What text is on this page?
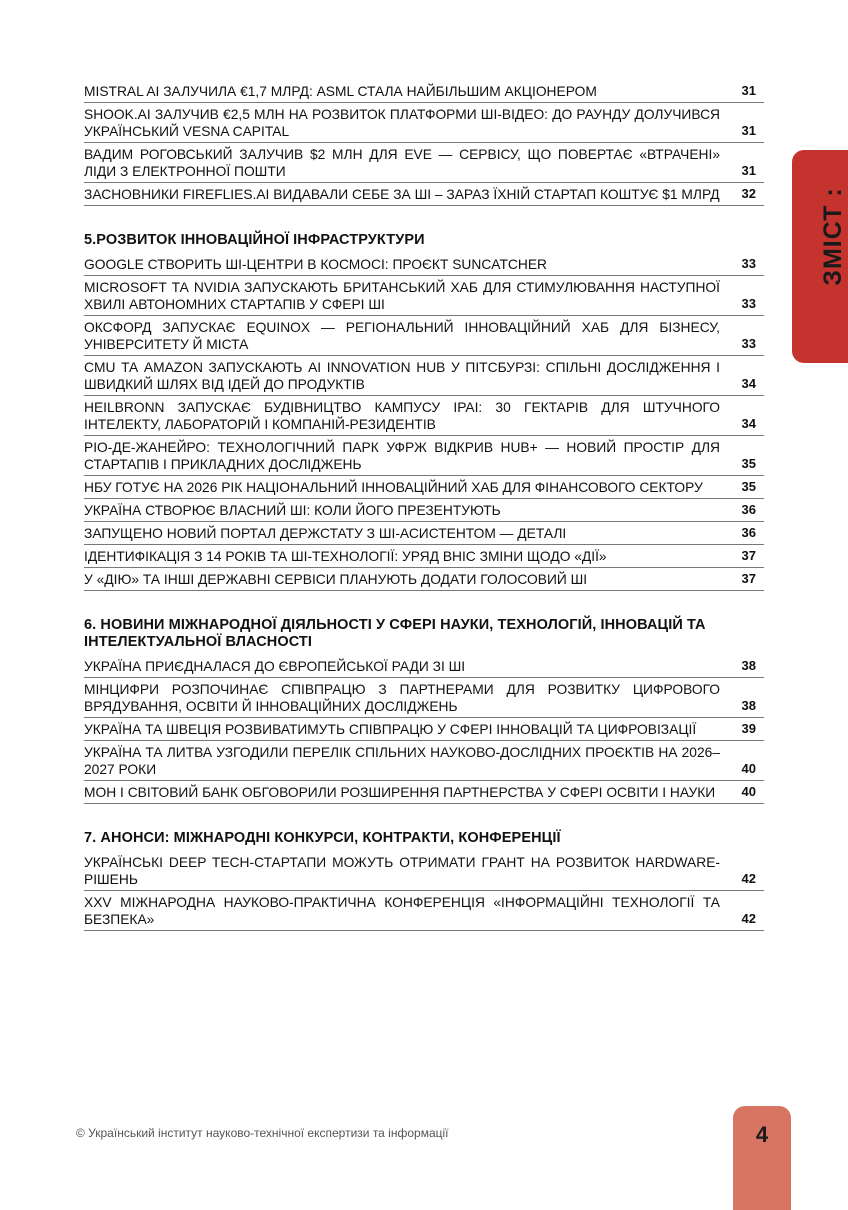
MISTRAL AI ЗАЛУЧИЛА €1,7 МЛРД: ASML СТАЛА НАЙБІЛЬШИМ АКЦІОНЕРОМ	31
SHOOK.AI ЗАЛУЧИВ €2,5 МЛН НА РОЗВИТОК ПЛАТФОРМИ ШІ-ВІДЕО: ДО РАУНДУ ДОЛУЧИВСЯ УКРАЇНСЬКИЙ VESNA CAPITAL	31
ВАДИМ РОГОВСЬКИЙ ЗАЛУЧИВ $2 МЛН ДЛЯ EVE — СЕРВІСУ, ЩО ПОВЕРТАЄ «ВТРАЧЕНІ» ЛІДИ З ЕЛЕКТРОННОЇ ПОШТИ	31
ЗАСНОВНИКИ FIREFLIES.AI ВИДАВАЛИ СЕБЕ ЗА ШІ – ЗАРАЗ ЇХНІЙ СТАРТАП КОШТУЄ $1 МЛРД 32
5.РОЗВИТОК ІННОВАЦІЙНОЇ ІНФРАСТРУКТУРИ
GOOGLE СТВОРИТЬ ШІ-ЦЕНТРИ В КОСМОСІ: ПРОЄКТ SUNCATCHER	33
MICROSOFT ТА NVIDIA ЗАПУСКАЮТЬ БРИТАНСЬКИЙ ХАБ ДЛЯ СТИМУЛЮВАННЯ НАСТУПНОЇ ХВИЛІ АВТОНОМНИХ СТАРТАПІВ У СФЕРІ ШІ	33
ОКСФОРД ЗАПУСКАЄ EQUINOX — РЕГІОНАЛЬНИЙ ІННОВАЦІЙНИЙ ХАБ ДЛЯ БІЗНЕСУ, УНІВЕРСИТЕТУ Й МІСТА	33
CMU ТА AMAZON ЗАПУСКАЮТЬ AI INNOVATION HUB У ПІТСБУРЗІ: СПІЛЬНІ ДОСЛІДЖЕННЯ І ШВИДКИЙ ШЛЯХ ВІД ІДЕЙ ДО ПРОДУКТІВ	34
HEILBRONN ЗАПУСКАЄ БУДІВНИЦТВО КАМПУСУ IPAI: 30 ГЕКТАРІВ ДЛЯ ШТУЧНОГО ІНТЕЛЕКТУ, ЛАБОРАТОРІЙ І КОМПАНІЙ-РЕЗИДЕНТІВ	34
РІО-ДЕ-ЖАНЕЙРО: ТЕХНОЛОГІЧНИЙ ПАРК УФРЖ ВІДКРИВ HUB+ — НОВИЙ ПРОСТІР ДЛЯ СТАРТАПІВ І ПРИКЛАДНИХ ДОСЛІДЖЕНЬ	35
НБУ ГОТУЄ НА 2026 РІК НАЦІОНАЛЬНИЙ ІННОВАЦІЙНИЙ ХАБ ДЛЯ ФІНАНСОВОГО СЕКТОРУ	35
УКРАЇНА СТВОРЮЄ ВЛАСНИЙ ШІ: КОЛИ ЙОГО ПРЕЗЕНТУЮТЬ	36
ЗАПУЩЕНО НОВИЙ ПОРТАЛ ДЕРЖСТАТУ З ШІ-АСИСТЕНТОМ — ДЕТАЛІ	36
ІДЕНТИФІКАЦІЯ З 14 РОКІВ ТА ШІ-ТЕХНОЛОГІЇ: УРЯД ВНІС ЗМІНИ ЩОДО «ДІЇ»	37
У «ДІЮ» ТА ІНШІ ДЕРЖАВНІ СЕРВІСИ ПЛАНУЮТЬ ДОДАТИ ГОЛОСОВИЙ ШІ	37
6. НОВИНИ МІЖНАРОДНОЇ ДІЯЛЬНОСТІ У СФЕРІ НАУКИ, ТЕХНОЛОГІЙ, ІННОВАЦІЙ ТА ІНТЕЛЕКТУАЛЬНОЇ ВЛАСНОСТІ
УКРАЇНА ПРИЄДНАЛАСЯ ДО ЄВРОПЕЙСЬКОЇ РАДИ ЗІ ШІ	38
МІНЦИФРИ РОЗПОЧИНАЄ СПІВПРАЦЮ З ПАРТНЕРАМИ ДЛЯ РОЗВИТКУ ЦИФРОВОГО ВРЯДУВАННЯ, ОСВІТИ Й ІННОВАЦІЙНИХ ДОСЛІДЖЕНЬ	38
УКРАЇНА ТА ШВЕЦІЯ РОЗВИВАТИМУТЬ СПІВПРАЦЮ У СФЕРІ ІННОВАЦІЙ ТА ЦИФРОВІЗАЦІЇ	39
УКРАЇНА ТА ЛИТВА УЗГОДИЛИ ПЕРЕЛІК СПІЛЬНИХ НАУКОВО-ДОСЛІДНИХ ПРОЄКТІВ НА 2026–2027 РОКИ	40
МОН І СВІТОВИЙ БАНК ОБГОВОРИЛИ РОЗШИРЕННЯ ПАРТНЕРСТВА У СФЕРІ ОСВІТИ І НАУКИ	40
7. АНОНСИ: МІЖНАРОДНІ КОНКУРСИ, КОНТРАКТИ, КОНФЕРЕНЦІЇ
УКРАЇНСЬКІ DEEP TECH-СТАРТАПИ МОЖУТЬ ОТРИМАТИ ГРАНТ НА РОЗВИТОК HARDWARE-РІШЕНЬ	42
XXV МІЖНАРОДНА НАУКОВО-ПРАКТИЧНА КОНФЕРЕНЦІЯ «ІНФОРМАЦІЙНІ ТЕХНОЛОГІЇ ТА БЕЗПЕКА»	42
ЗМІСТ :
© Український інститут науково-технічної експертизи та інформації	4
